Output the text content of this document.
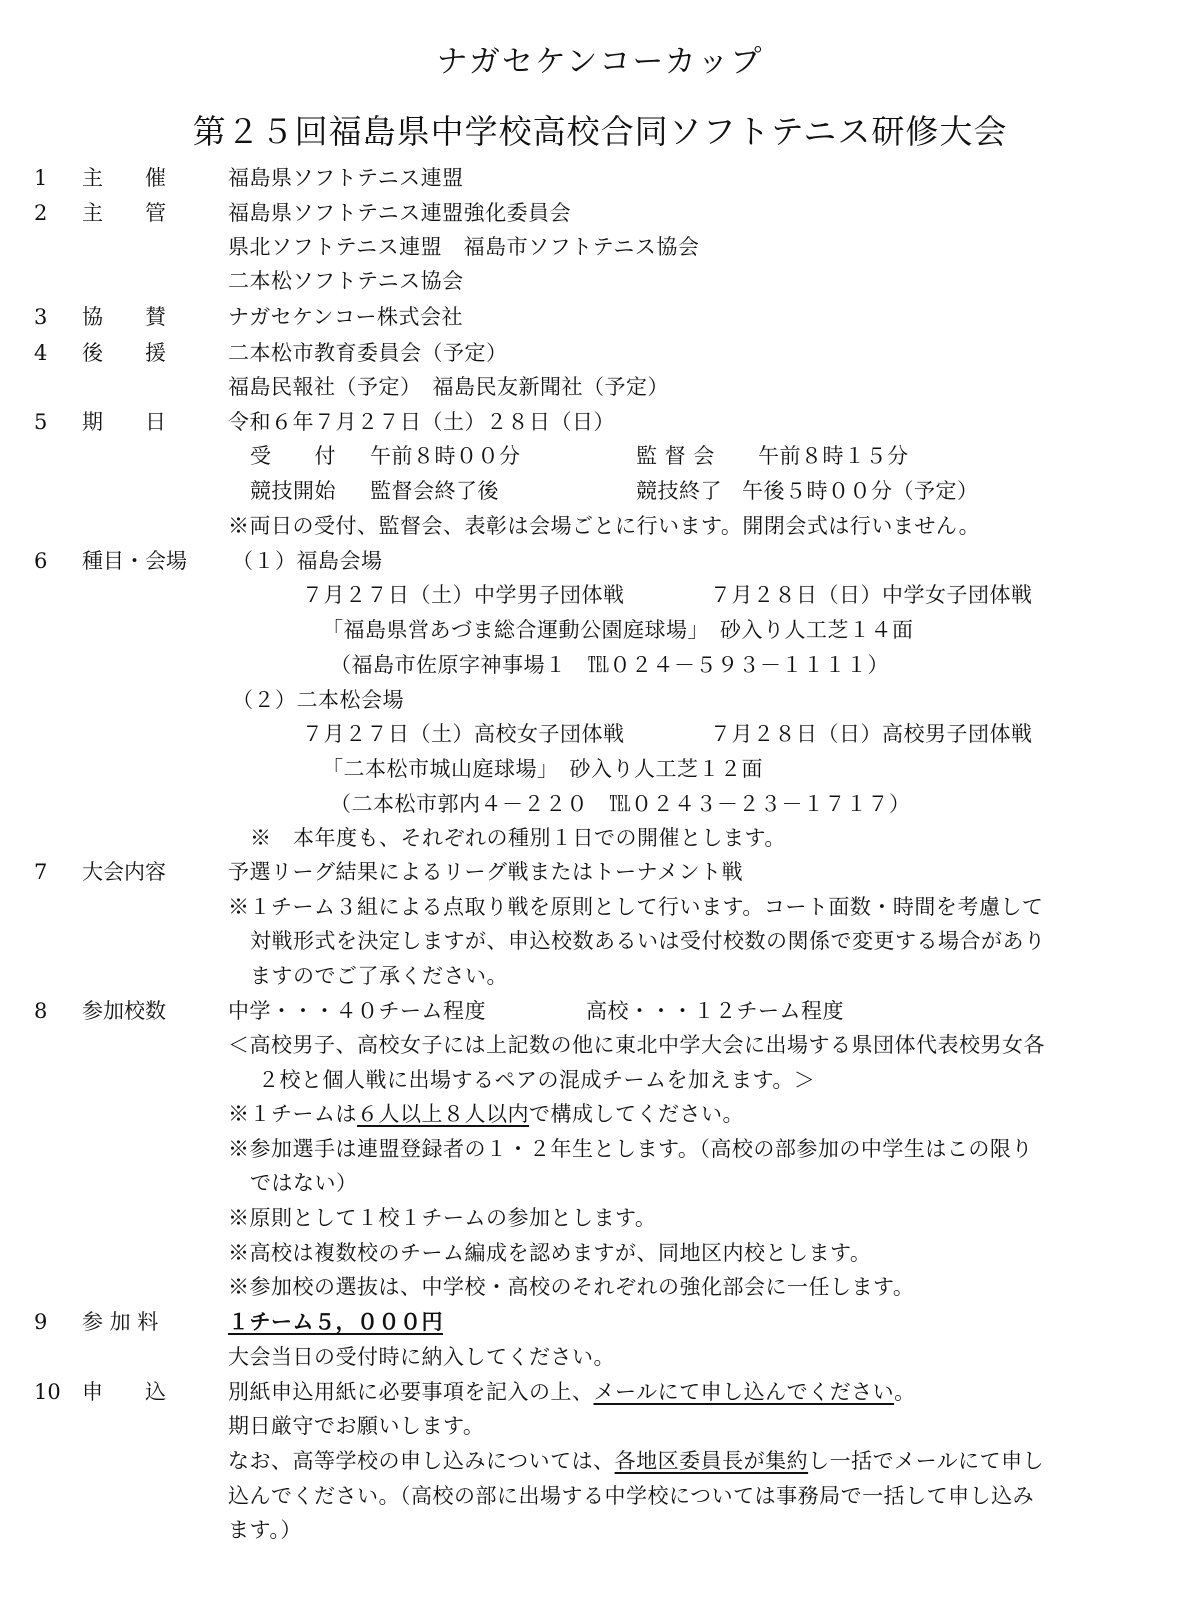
ナガセケンコーカップ
第２５回福島県中学校高校合同ソフトテニス研修大会
1	主　　催	福島県ソフトテニス連盟
2	主　　管	福島県ソフトテニス連盟強化委員会
県北ソフトテニス連盟　福島市ソフトテニス協会
二本松ソフトテニス協会
3	協　　賛	ナガセケンコー株式会社
4	後　　援	二本松市教育委員会（予定）
福島民報社（予定）　福島民友新聞社（予定）
5	期　　日	令和６年７月２７日（土）２８日（日）
受　　付 午前８時００分	監 督 会 午前８時１５分
競技開始 監督会終了後	競技終了 午後５時００分（予定）
※両日の受付、監督会、表彰は会場ごとに行います。開閉会式は行いません。
6	種目・会場 （１）福島会場
７月２７日（土）中学男子団体戦	７月２８日（日）中学女子団体戦
「福島県営あづま総合運動公園庭球場」　砂入り人工芝１４面
（福島市佐原字神事場１　℡０２４－５９３－１１１１）
（２）二本松会場
７月２７日（土）高校女子団体戦	７月２８日（日）高校男子団体戦
「二本松市城山庭球場」　砂入り人工芝１２面
（二本松市郭内４－２２０　℡０２４３－２３－１７１７）
※　本年度も、それぞれの種別１日での開催とします。
7	大会内容	予選リーグ結果によるリーグ戦またはトーナメント戦
※１チーム３組による点取り戦を原則として行います。コート面数・時間を考慮して
対戦形式を決定しますが、申込校数あるいは受付校数の関係で変更する場合があり
ますのでご了承ください。
8	参加校数	中学・・・４０チーム程度	高校・・・１２チーム程度
＜高校男子、高校女子には上記数の他に東北中学大会に出場する県団体代表校男女各
２校と個人戦に出場するペアの混成チームを加えます。＞
※１チームは６人以上８人以内で構成してください。
※参加選手は連盟登録者の１・２年生とします。（高校の部参加の中学生はこの限り
ではない）
※原則として１校１チームの参加とします。
※高校は複数校のチーム編成を認めますが、同地区内校とします。
※参加校の選抜は、中学校・高校のそれぞれの強化部会に一任します。
9	参 加 料	１チーム５，０００円
大会当日の受付時に納入してください。
10	申　　込	別紙申込用紙に必要事項を記入の上、メールにて申し込んでください。
期日厳守でお願いします。
なお、高等学校の申し込みについては、各地区委員長が集約し一括でメールにて申し
込んでください。（高校の部に出場する中学校については事務局で一括して申し込み
ます。）
